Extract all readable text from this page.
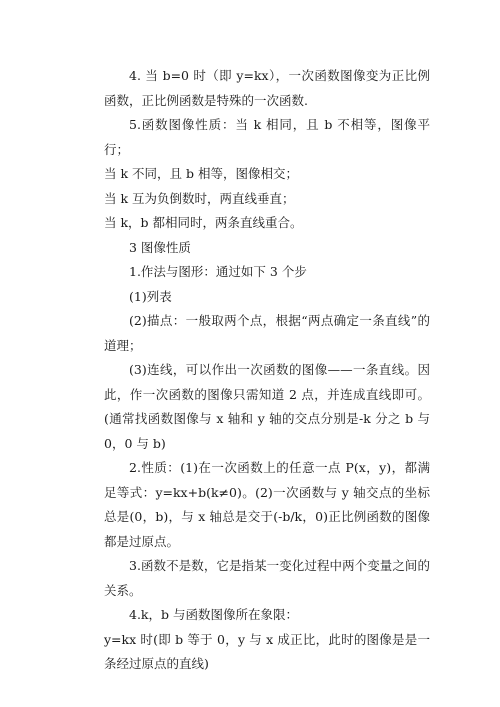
4. 当 b=0 时（即 y=kx），一次函数图像变为正比例函数，正比例函数是特殊的一次函数.

5.函数图像性质：当 k 相同，且 b 不相等，图像平行；

当 k 不同，且 b 相等，图像相交；

当 k 互为负倒数时，两直线垂直；

当 k，b 都相同时，两条直线重合。

3 图像性质

1.作法与图形：通过如下 3 个步

(1)列表

(2)描点：一般取两个点，根据“两点确定一条直线”的道理；

(3)连线，可以作出一次函数的图像——一条直线。因此，作一次函数的图像只需知道 2 点，并连成直线即可。(通常找函数图像与 x 轴和 y 轴的交点分别是-k 分之 b 与 0，0 与 b)

2.性质：(1)在一次函数上的任意一点 P(x，y)，都满足等式：y=kx+b(k≠0)。(2)一次函数与 y 轴交点的坐标总是(0，b)，与 x 轴总是交于(-b/k，0)正比例函数的图像都是过原点。

3.函数不是数，它是指某一变化过程中两个变量之间的关系。

4.k，b 与函数图像所在象限：

y=kx 时(即 b 等于 0，y 与 x 成正比，此时的图像是是一条经过原点的直线)
